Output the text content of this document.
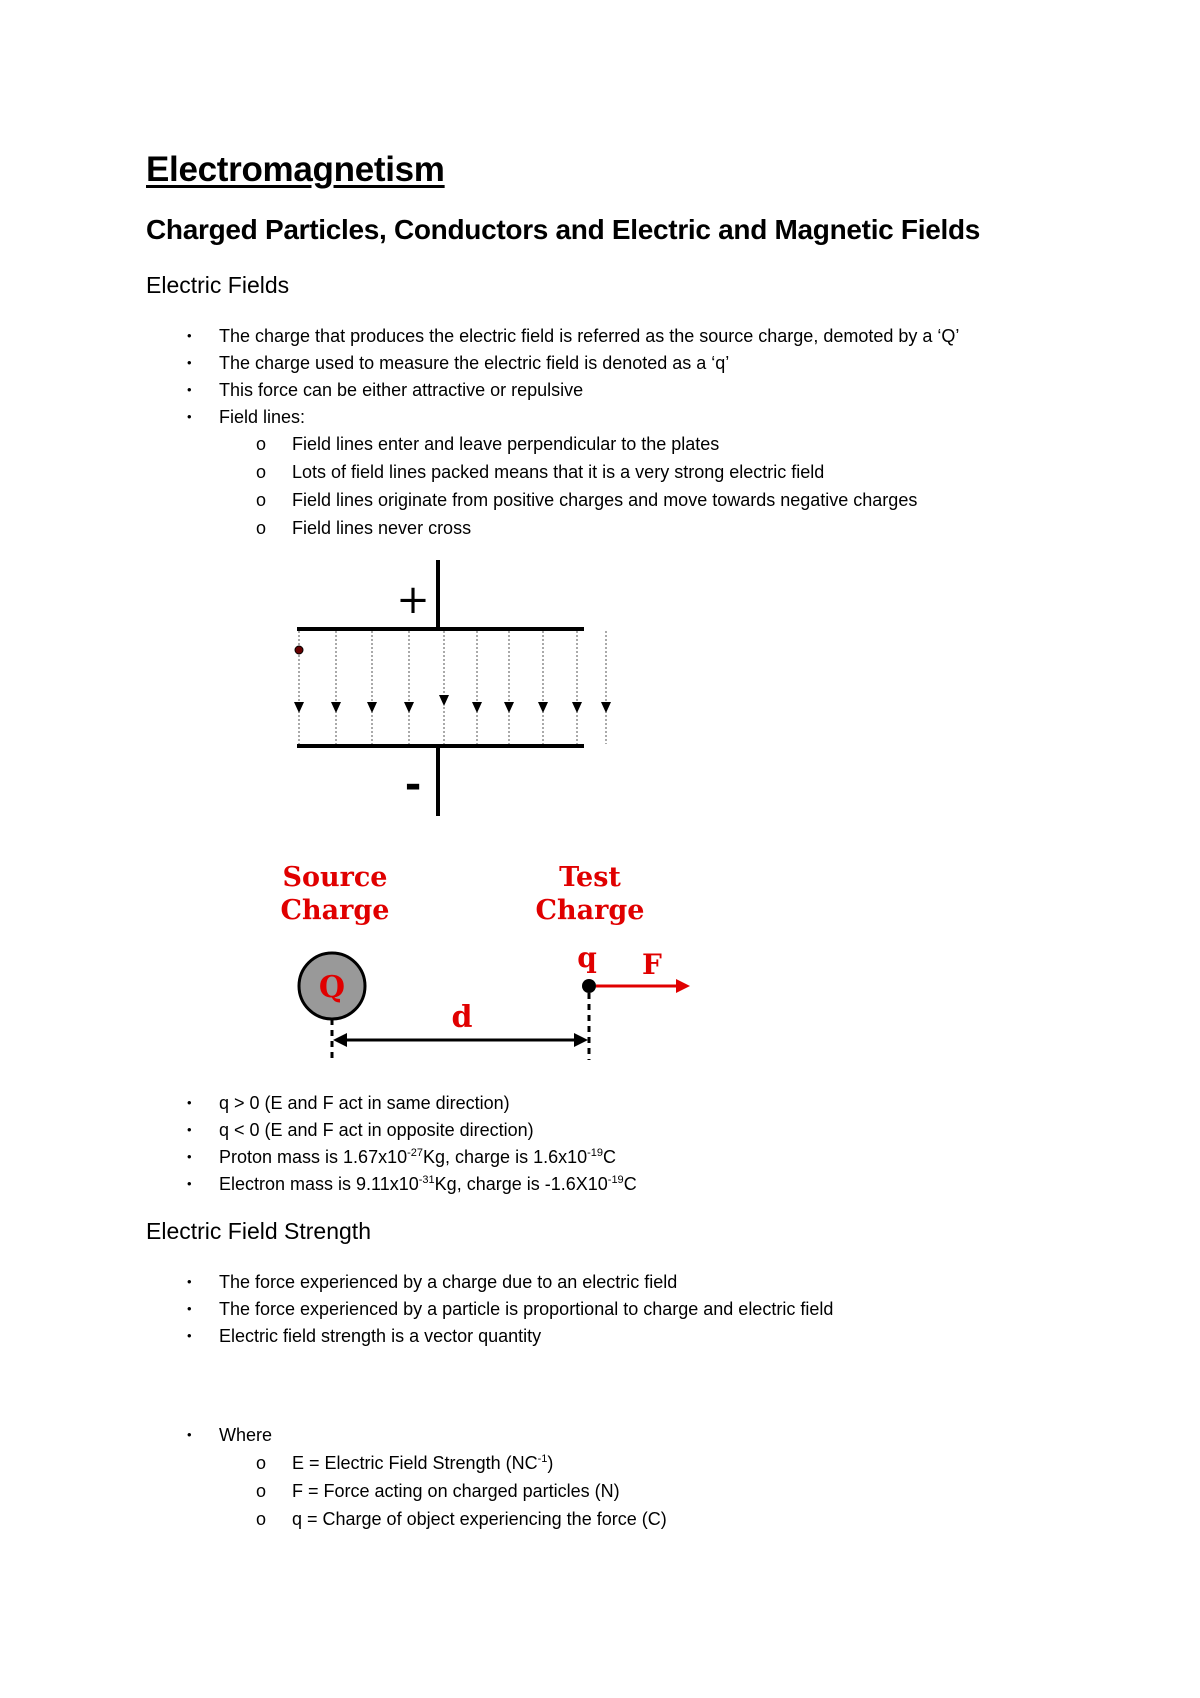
Electromagnetism
Charged Particles, Conductors and Electric and Magnetic Fields
Electric Fields
• The charge that produces the electric field is referred as the source charge, demoted by a ‘Q’
• The charge used to measure the electric field is denoted as a ‘q’
• This force can be either attractive or repulsive
• Field lines:
o Field lines enter and leave perpendicular to the plates
o Lots of field lines packed means that it is a very strong electric field
o Field lines originate from positive charges and move towards negative charges
o Field lines never cross
+
-
Source
Charge
Test
Charge
Q
q F
d
• q > 0 (E and F act in same direction)
• q < 0 (E and F act in opposite direction)
• Proton mass is $1.67x10^{-27}Kg$, charge is $1.6x10^{-19}C$
• Electron mass is $9.11x10^{-31}Kg$, charge is $-1.6X10^{-19}C$
Electric Field Strength
• The force experienced by a charge due to an electric field
• The force experienced by a particle is proportional to charge and electric field
• Electric field strength is a vector quantity
• Where
o E = Electric Field Strength $(NC^{-1})$
o F = Force acting on charged particles (N)
o q = Charge of object experiencing the force (C)
